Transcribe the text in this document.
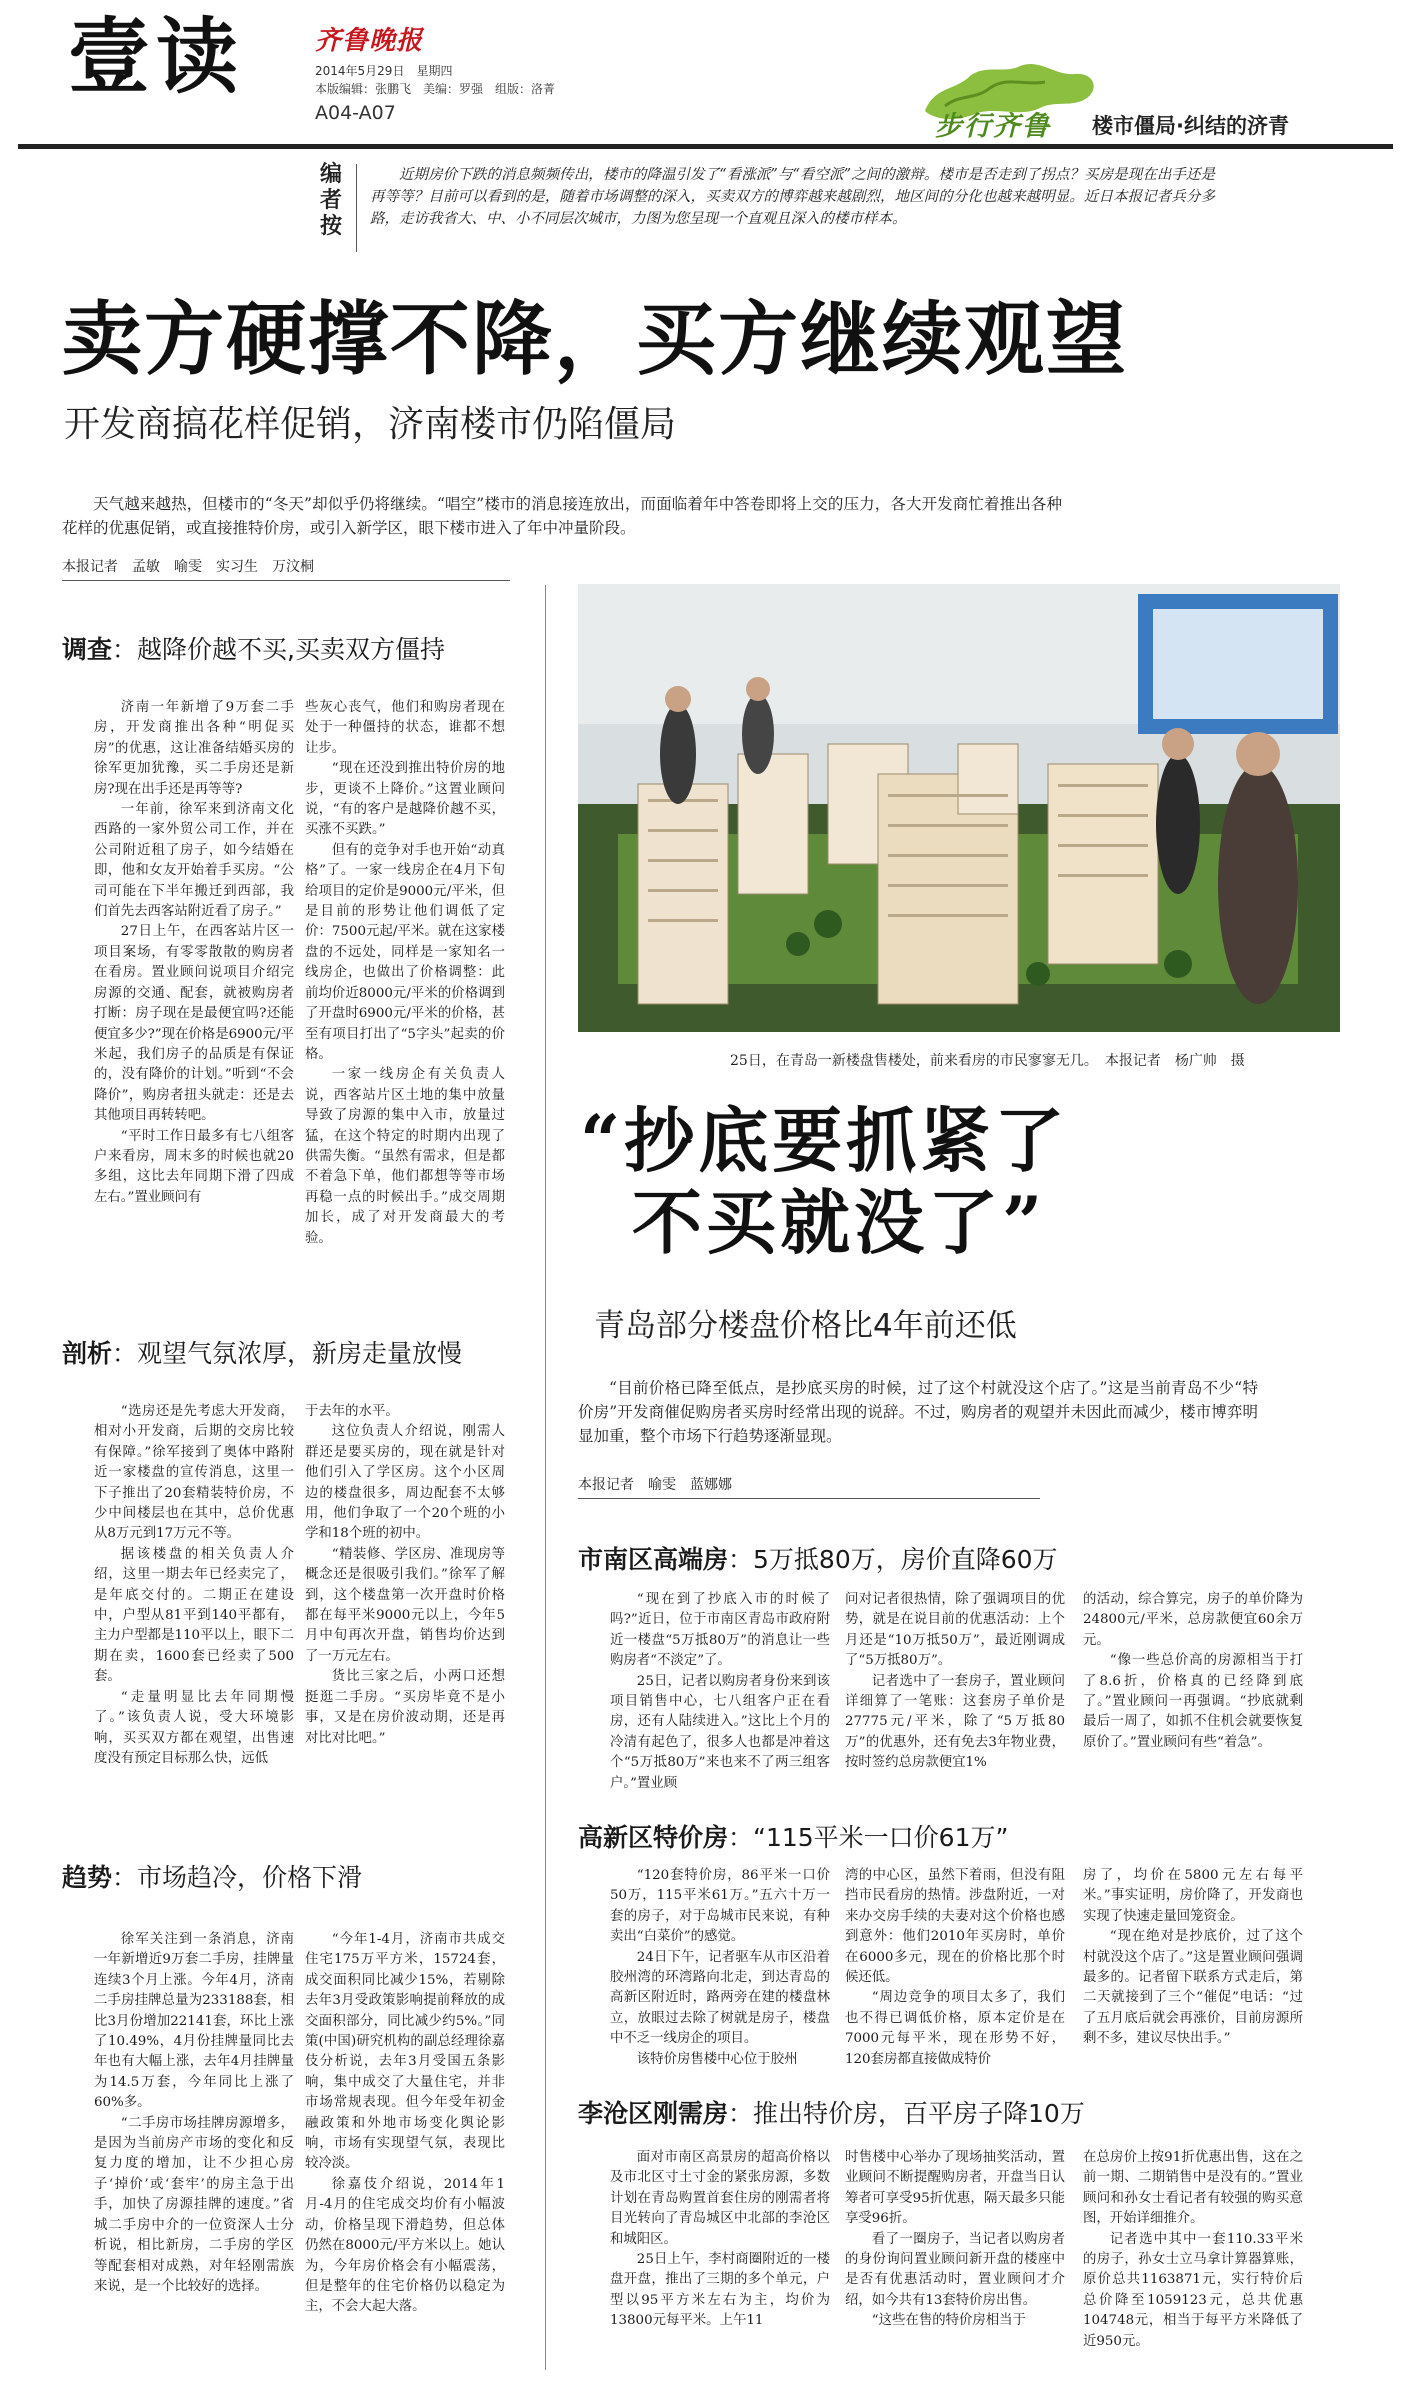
壹读	齐鲁晚报
2014年5月29日　星期四
本版编辑：张鹏飞　美编：罗强　组版：洛菁
A04-A07	步行齐鲁 楼市僵局·纠结的济青
编
者
按
近期房价下跌的消息频频传出，楼市的降温引发了“看涨派”与“看空派”之间的激辩。楼市是否走到了拐点？买房是现在出手还是再等等？目前可以看到的是，随着市场调整的深入，买卖双方的博弈越来越剧烈，地区间的分化也越来越明显。近日本报记者兵分多路，走访我省大、中、小不同层次城市，力图为您呈现一个直观且深入的楼市样本。
卖方硬撑不降，买方继续观望
开发商搞花样促销，济南楼市仍陷僵局
天气越来越热，但楼市的“冬天”却似乎仍将继续。“唱空”楼市的消息接连放出，而面临着年中答卷即将上交的压力，各大开发商忙着推出各种花样的优惠促销，或直接推特价房，或引入新学区，眼下楼市进入了年中冲量阶段。
本报记者　孟敏　喻雯　实习生　万汶桐
调查：越降价越不买,买卖双方僵持

济南一年新增了9万套二手房，开发商推出各种“明促买房”的优惠，这让准备结婚买房的徐军更加犹豫，买二手房还是新房?现在出手还是再等等?

一年前，徐军来到济南文化西路的一家外贸公司工作，并在公司附近租了房子，如今结婚在即，他和女友开始着手买房。“公司可能在下半年搬迁到西部，我们首先去西客站附近看了房子。”

27日上午，在西客站片区一项目案场，有零零散散的购房者在看房。置业顾问说项目介绍完房源的交通、配套，就被购房者打断：房子现在是最便宜吗?还能便宜多少?”现在价格是6900元/平米起，我们房子的品质是有保证的，没有降价的计划。”听到“不会降价”，购房者扭头就走：还是去其他项目再转转吧。

“平时工作日最多有七八组客户来看房，周末多的时候也就20多组，这比去年同期下滑了四成左右。”置业顾问有

些灰心丧气，他们和购房者现在处于一种僵持的状态，谁都不想让步。

“现在还没到推出特价房的地步，更谈不上降价。”这置业顾问说，“有的客户是越降价越不买，买涨不买跌。”

但有的竞争对手也开始“动真格”了。一家一线房企在4月下旬给项目的定价是9000元/平米，但是目前的形势让他们调低了定价：7500元起/平米。就在这家楼盘的不远处，同样是一家知名一线房企，也做出了价格调整：此前均价近8000元/平米的价格调到了开盘时6900元/平米的价格，甚至有项目打出了“5字头”起卖的价格。

一家一线房企有关负责人说，西客站片区土地的集中放量导致了房源的集中入市，放量过猛，在这个特定的时期内出现了供需失衡。“虽然有需求，但是都不着急下单，他们都想等等市场再稳一点的时候出手。”成交周期加长，成了对开发商最大的考验。

剖析：观望气氛浓厚，新房走量放慢

“选房还是先考虑大开发商，相对小开发商，后期的交房比较有保障。”徐军接到了奥体中路附近一家楼盘的宣传消息，这里一下子推出了20套精装特价房，不少中间楼层也在其中，总价优惠从8万元到17万元不等。

据该楼盘的相关负责人介绍，这里一期去年已经卖完了，是年底交付的。二期正在建设中，户型从81平到140平都有，主力户型都是110平以上，眼下二期在卖，1600套已经卖了500套。

“走量明显比去年同期慢了。”该负责人说，受大环境影响，买买双方都在观望，出售速度没有预定目标那么快，远低

于去年的水平。

这位负责人介绍说，刚需人群还是要买房的，现在就是针对他们引入了学区房。这个小区周边的楼盘很多，周边配套不太够用，他们争取了一个20个班的小学和18个班的初中。

“精装修、学区房、准现房等概念还是很吸引我们。”徐军了解到，这个楼盘第一次开盘时价格都在每平米9000元以上，今年5月中旬再次开盘，销售均价达到了一万元左右。

货比三家之后，小两口还想挺逛二手房。“买房毕竟不是小事，又是在房价波动期，还是再对比对比吧。”

趋势：市场趋冷，价格下滑

徐军关注到一条消息，济南一年新增近9万套二手房，挂牌量连续3个月上涨。今年4月，济南二手房挂牌总量为233188套，相比3月份增加22141套，环比上涨了10.49%，4月份挂牌量同比去年也有大幅上涨，去年4月挂牌量为14.5万套，今年同比上涨了60%多。

“二手房市场挂牌房源增多，是因为当前房产市场的变化和反复力度的增加，让不少担心房子‘掉价’或‘套牢’的房主急于出手，加快了房源挂牌的速度。”省城二手房中介的一位资深人士分析说，相比新房，二手房的学区等配套相对成熟，对年轻刚需族来说，是一个比较好的选择。

“今年1-4月，济南市共成交住宅175万平方米，15724套，成交面积同比减少15%，若剔除去年3月受政策影响提前释放的成交面积部分，同比减少约5%。”同策(中国)研究机构的副总经理徐嘉伎分析说，去年3月受国五条影响，集中成交了大量住宅，并非市场常规表现。但今年受年初金融政策和外地市场变化舆论影响，市场有实现望气氛，表现比较冷淡。

徐嘉伎介绍说，2014年1月-4月的住宅成交均价有小幅波动，价格呈现下滑趋势，但总体仍然在8000元/平方米以上。她认为，今年房价格会有小幅震荡，但是整年的住宅价格仍以稳定为主，不会大起大落。

25日，在青岛一新楼盘售楼处，前来看房的市民寥寥无几。　本报记者　杨广帅　摄
“抄底要抓紧了
不买就没了”
青岛部分楼盘价格比4年前还低
“目前价格已降至低点，是抄底买房的时候，过了这个村就没这个店了。”这是当前青岛不少“特价房”开发商催促购房者买房时经常出现的说辞。不过，购房者的观望并未因此而减少，楼市博弈明显加重，整个市场下行趋势逐渐显现。
本报记者　喻雯　蓝娜娜
市南区高端房：5万抵80万，房价直降60万

“现在到了抄底入市的时候了吗?”近日，位于市南区青岛市政府附近一楼盘“5万抵80万”的消息让一些购房者“不淡定”了。

25日，记者以购房者身份来到该项目销售中心，七八组客户正在看房，还有人陆续进入。”这比上个月的冷清有起色了，很多人也都是冲着这个“5万抵80万”来也来不了两三组客户。”置业顾

问对记者很热情，除了强调项目的优势，就是在说目前的优惠活动：上个月还是“10万抵50万”，最近刚调成了“5万抵80万”。

记者选中了一套房子，置业顾问详细算了一笔账：这套房子单价是27775元/平米，除了“5万抵80万”的优惠外，还有免去3年物业费，按时签约总房款便宜1%

的活动，综合算完，房子的单价降为24800元/平米，总房款便宜60余万元。

“像一些总价高的房源相当于打了8.6折，价格真的已经降到底了。”置业顾问一再强调。“抄底就剩最后一周了，如抓不住机会就要恢复原价了。”置业顾问有些“着急”。

高新区特价房：“115平米一口价61万”

“120套特价房，86平米一口价50万，115平米61万。”五六十万一套的房子，对于岛城市民来说，有种卖出“白菜价”的感觉。

24日下午，记者驱车从市区沿着胶州湾的环湾路向北走，到达青岛的高新区附近时，路两旁在建的楼盘林立，放眼过去除了树就是房子，楼盘中不乏一线房企的项目。

该特价房售楼中心位于胶州

湾的中心区，虽然下着雨，但没有阻挡市民看房的热情。涉盘附近，一对来办交房手续的夫妻对这个价格也感到意外：他们2010年买房时，单价在6000多元，现在的价格比那个时候还低。

“周边竞争的项目太多了，我们也不得已调低价格，原本定价是在7000元每平米，现在形势不好，120套房都直接做成特价

房了，均价在5800元左右每平米。”事实证明，房价降了，开发商也实现了快速走量回笼资金。

“现在绝对是抄底价，过了这个村就没这个店了。”这是置业顾问强调最多的。记者留下联系方式走后，第二天就接到了三个“催促”电话：“过了五月底后就会再涨价，目前房源所剩不多，建议尽快出手。”

李沧区刚需房：推出特价房，百平房子降10万

面对市南区高景房的超高价格以及市北区寸土寸金的紧张房源，多数计划在青岛购置首套住房的刚需者将目光转向了青岛城区中北部的李沧区和城阳区。

25日上午，李村商圈附近的一楼盘开盘，推出了三期的多个单元，户型以95平方米左右为主，均价为13800元每平米。上午11

时售楼中心举办了现场抽奖活动，置业顾问不断提醒购房者，开盘当日认筹者可享受95折优惠，隔天最多只能享受96折。

看了一圈房子，当记者以购房者的身份询问置业顾问新开盘的楼座中是否有优惠活动时，置业顾问才介绍，如今共有13套特价房出售。

“这些在售的特价房相当于

在总房价上按91折优惠出售，这在之前一期、二期销售中是没有的。”置业顾问和孙女士看记者有较强的购买意图，开始详细推介。

记者选中其中一套110.33平米的房子，孙女士立马拿计算器算账，原价总共1163871元，实行特价后总价降至1059123元，总共优惠104748元，相当于每平方米降低了近950元。
